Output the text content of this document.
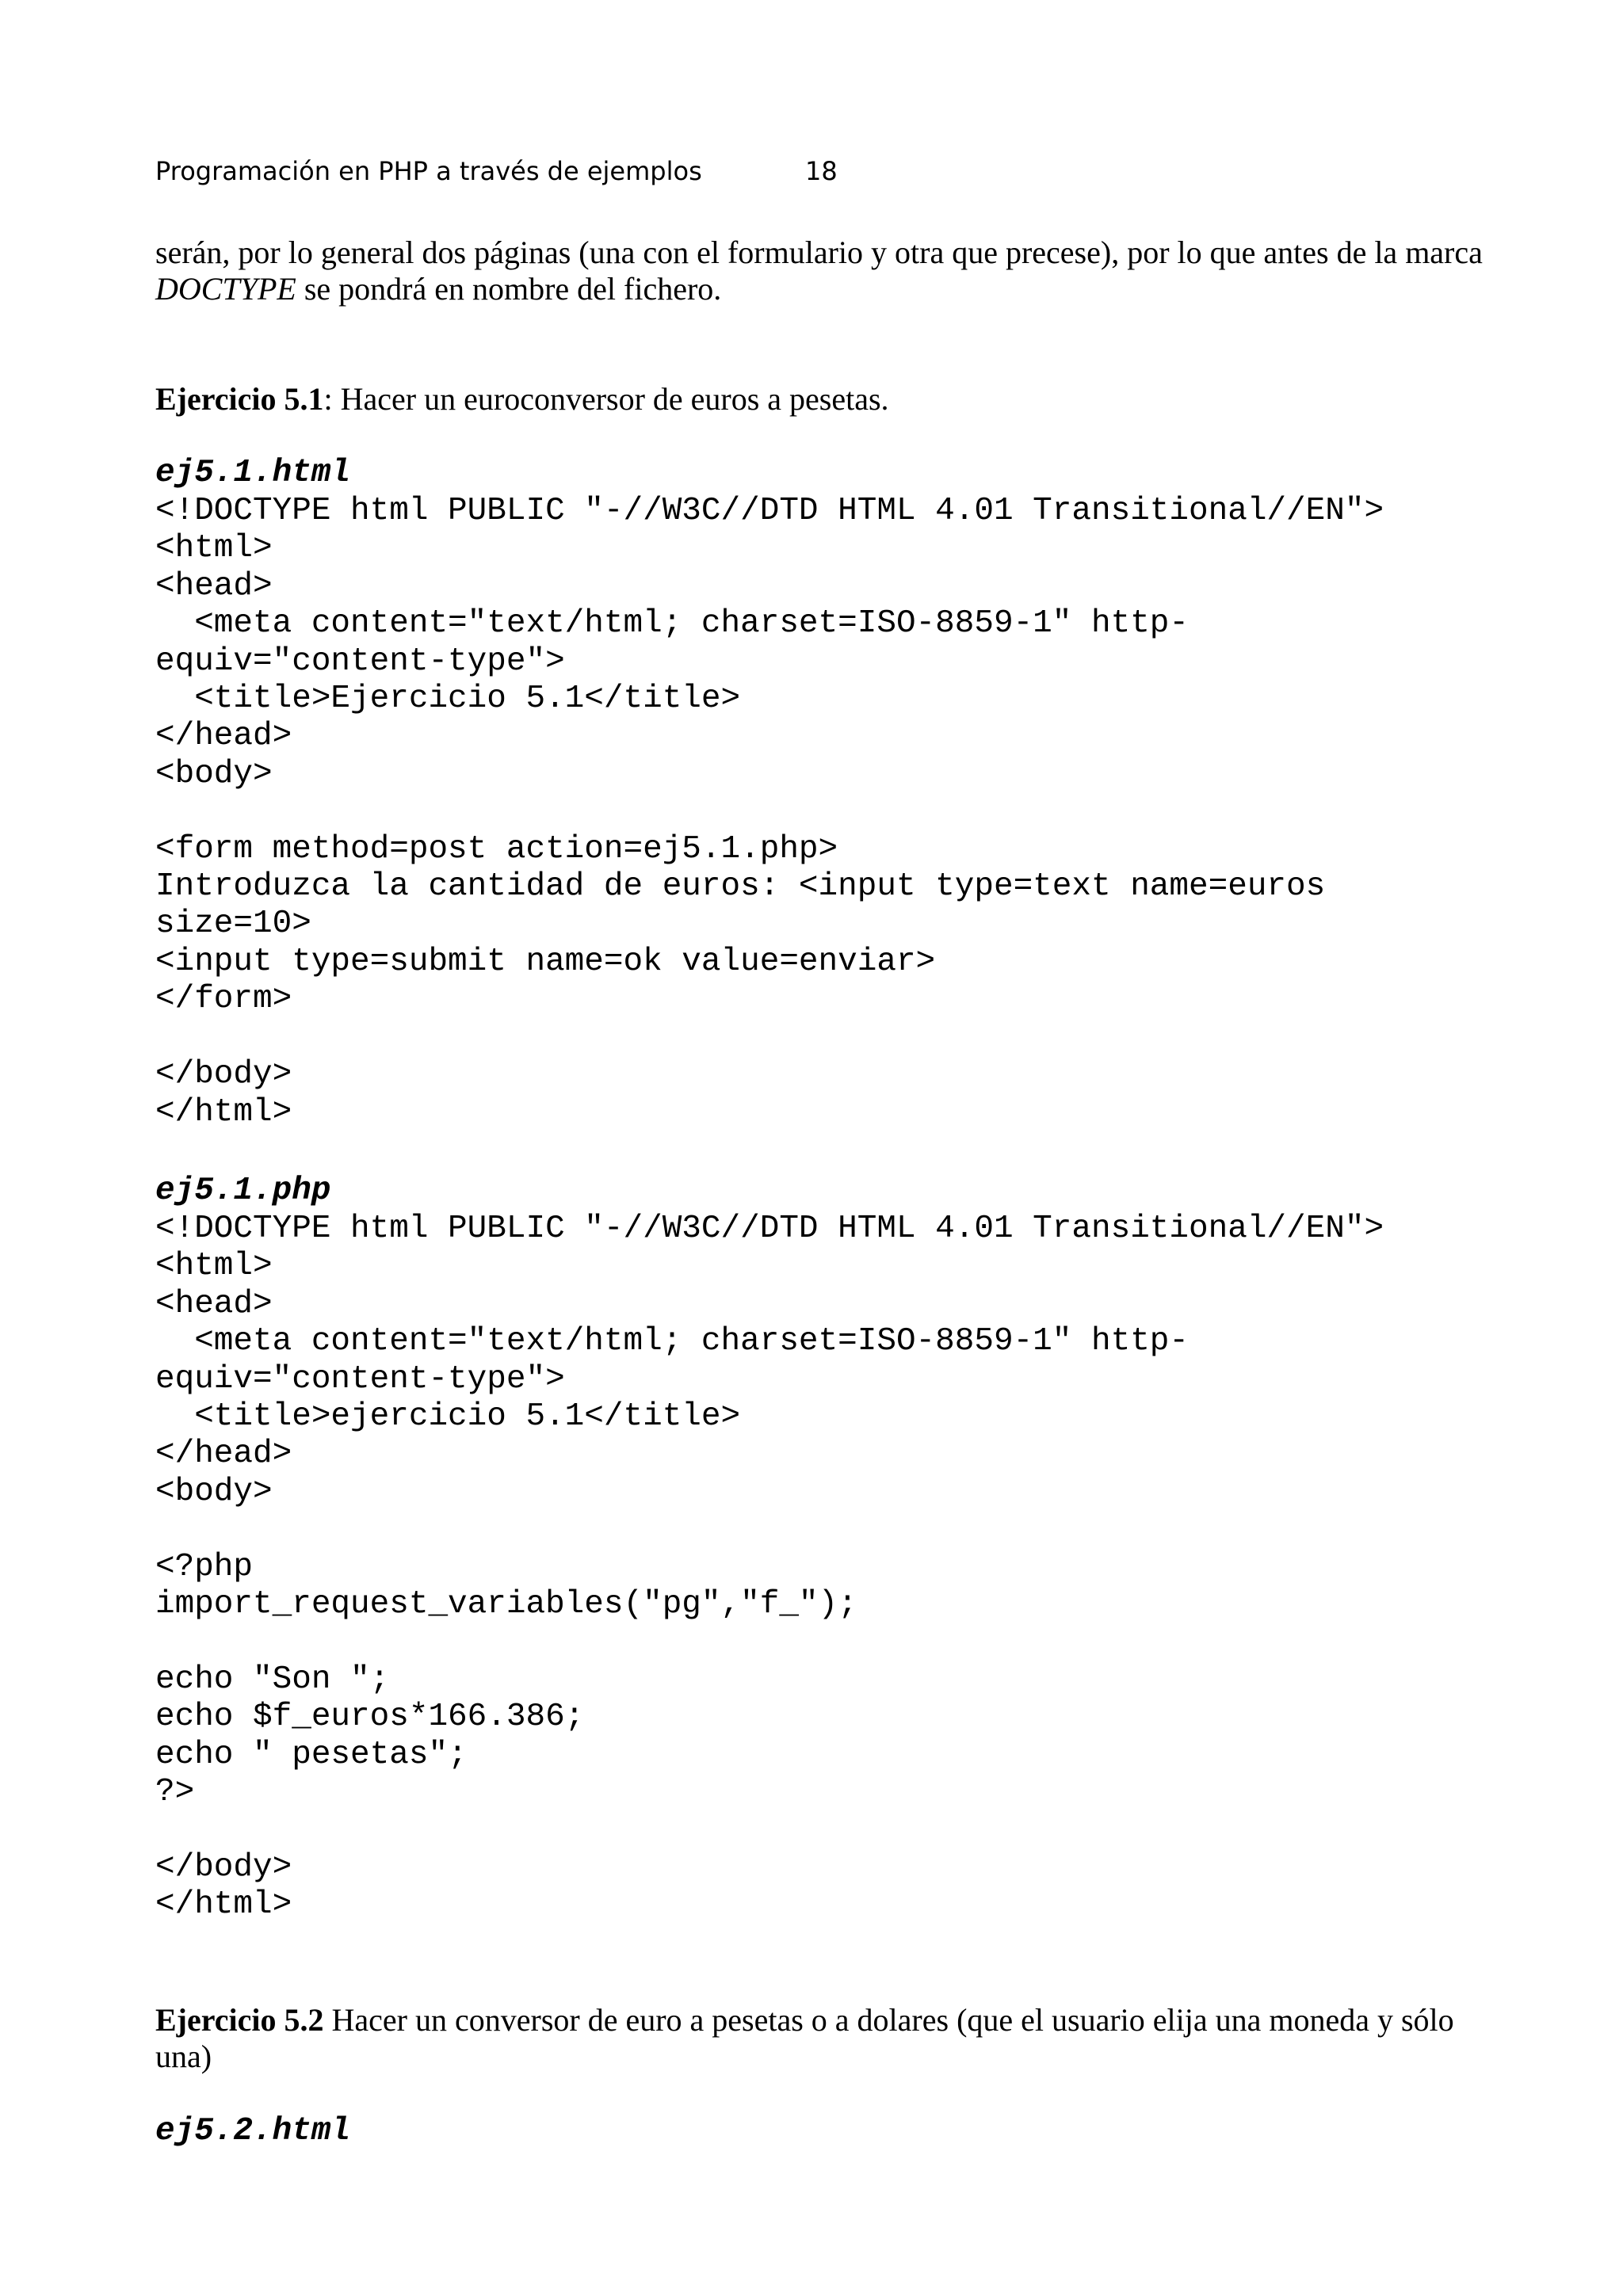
Programación en PHP a través de ejemplos	18
serán, por lo general dos páginas (una con el formulario y otra que precese), por lo que antes de la marca DOCTYPE se pondrá en nombre del fichero.
Ejercicio 5.1: Hacer un euroconversor de euros a pesetas.
ej5.1.html
<!DOCTYPE html PUBLIC "-//W3C//DTD HTML 4.01 Transitional//EN">
<html>
<head>
<meta content="text/html; charset=ISO-8859-1" http-
equiv="content-type">
<title>Ejercicio 5.1</title>
</head>
<body>

<form method=post action=ej5.1.php>
Introduzca la cantidad de euros: <input type=text name=euros
size=10>
<input type=submit name=ok value=enviar>
</form>

</body>
</html>
ej5.1.php
<!DOCTYPE html PUBLIC "-//W3C//DTD HTML 4.01 Transitional//EN">
<html>
<head>
<meta content="text/html; charset=ISO-8859-1" http-
equiv="content-type">
<title>ejercicio 5.1</title>
</head>
<body>

<?php
import_request_variables("pg","f_");

echo "Son ";
echo $f_euros*166.386;
echo " pesetas";
?>

</body>
</html>
Ejercicio 5.2 Hacer un conversor de euro a pesetas o a dolares (que el usuario elija una moneda y sólo una)
ej5.2.html
